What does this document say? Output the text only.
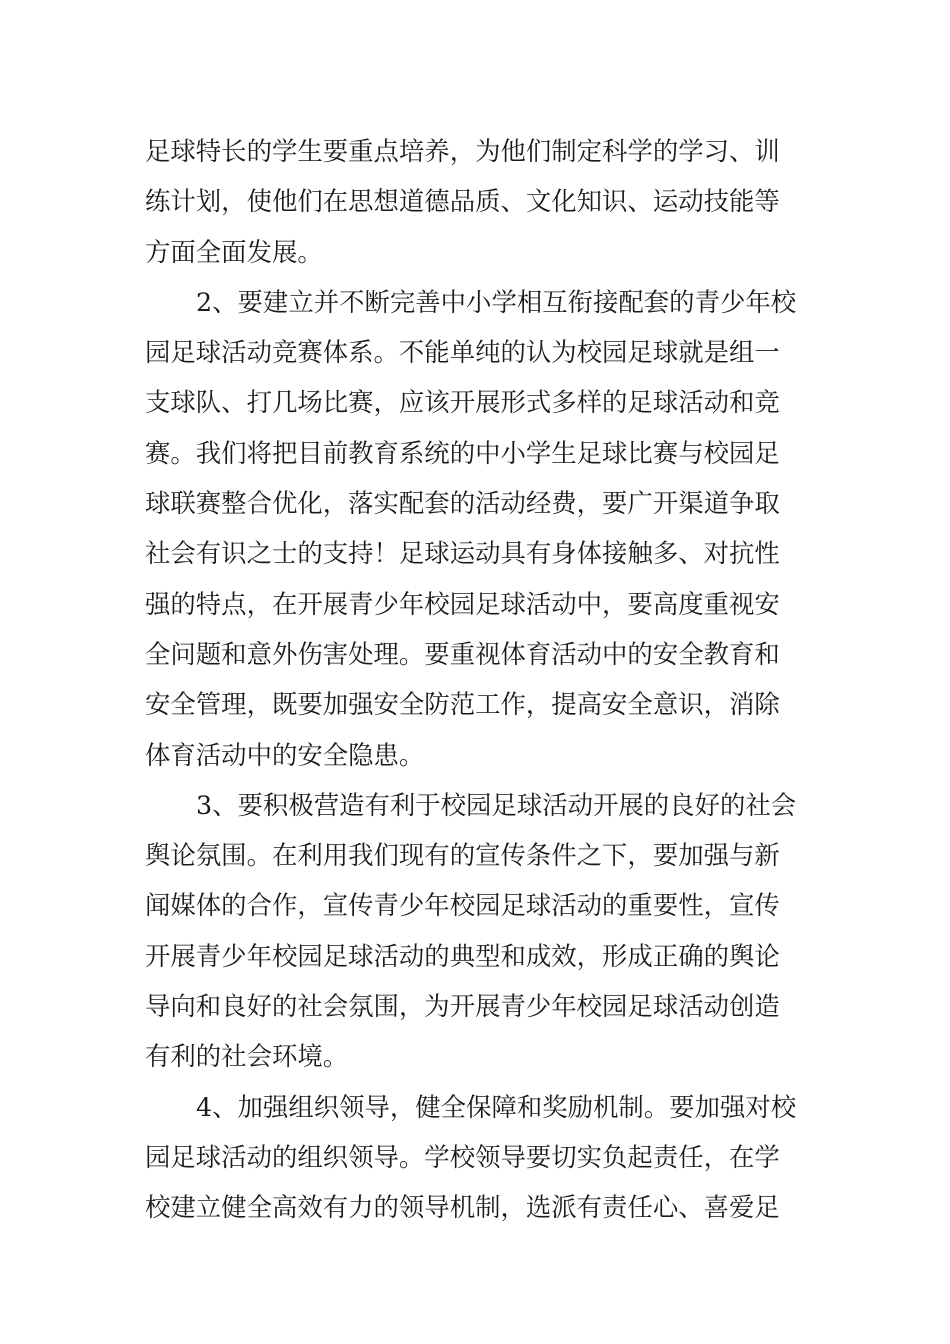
足球特长的学生要重点培养，为他们制定科学的学习、训
练计划，使他们在思想道德品质、文化知识、运动技能等
方面全面发展。
2、要建立并不断完善中小学相互衔接配套的青少年校
园足球活动竞赛体系。不能单纯的认为校园足球就是组一
支球队、打几场比赛，应该开展形式多样的足球活动和竞
赛。我们将把目前教育系统的中小学生足球比赛与校园足
球联赛整合优化，落实配套的活动经费，要广开渠道争取
社会有识之士的支持！足球运动具有身体接触多、对抗性
强的特点，在开展青少年校园足球活动中，要高度重视安
全问题和意外伤害处理。要重视体育活动中的安全教育和
安全管理，既要加强安全防范工作，提高安全意识，消除
体育活动中的安全隐患。
3、要积极营造有利于校园足球活动开展的良好的社会
舆论氛围。在利用我们现有的宣传条件之下，要加强与新
闻媒体的合作，宣传青少年校园足球活动的重要性，宣传
开展青少年校园足球活动的典型和成效，形成正确的舆论
导向和良好的社会氛围，为开展青少年校园足球活动创造
有利的社会环境。
4、加强组织领导，健全保障和奖励机制。要加强对校
园足球活动的组织领导。学校领导要切实负起责任，在学
校建立健全高效有力的领导机制，选派有责任心、喜爱足
